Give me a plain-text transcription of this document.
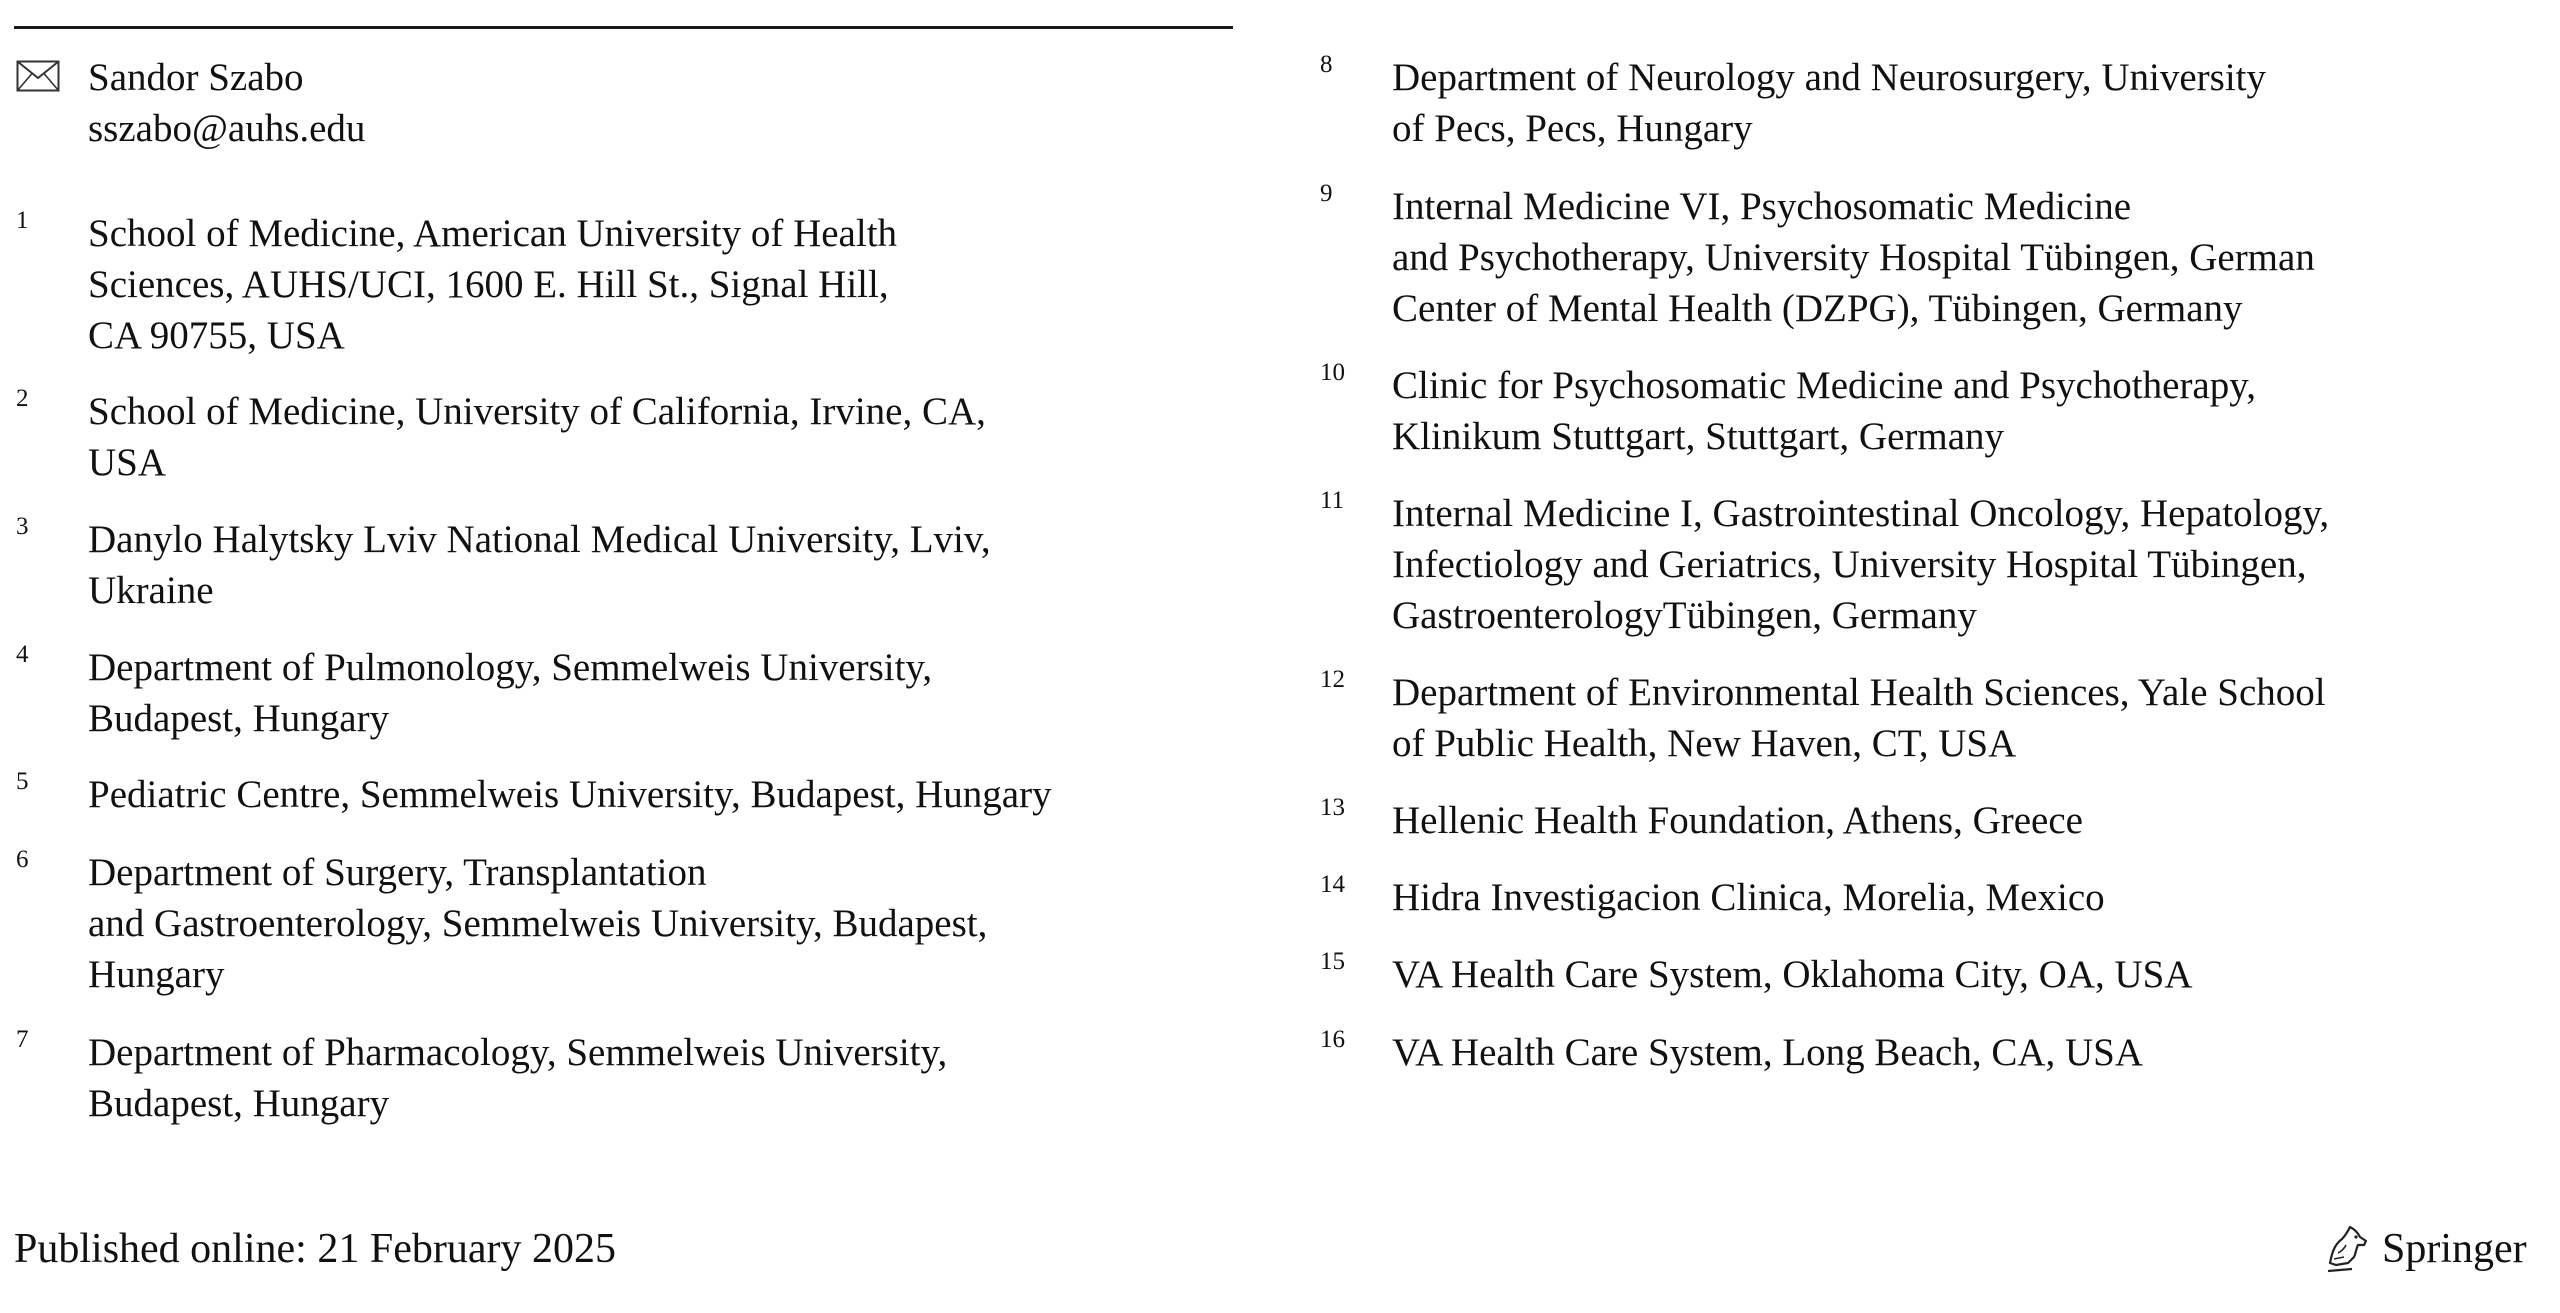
Sandor Szabo
sszabo@auhs.edu
1 School of Medicine, American University of Health
Sciences, AUHS/UCI, 1600 E. Hill St., Signal Hill,
CA 90755, USA
2 School of Medicine, University of California, Irvine, CA,
USA
3 Danylo Halytsky Lviv National Medical University, Lviv,
Ukraine
4 Department of Pulmonology, Semmelweis University,
Budapest, Hungary
5 Pediatric Centre, Semmelweis University, Budapest, Hungary
6 Department of Surgery, Transplantation
and Gastroenterology, Semmelweis University, Budapest,
Hungary
7 Department of Pharmacology, Semmelweis University,
Budapest, Hungary
8 Department of Neurology and Neurosurgery, University
of Pecs, Pecs, Hungary
9 Internal Medicine VI, Psychosomatic Medicine
and Psychotherapy, University Hospital Tübingen, German
Center of Mental Health (DZPG), Tübingen, Germany
10 Clinic for Psychosomatic Medicine and Psychotherapy,
Klinikum Stuttgart, Stuttgart, Germany
11 Internal Medicine I, Gastrointestinal Oncology, Hepatology,
Infectiology and Geriatrics, University Hospital Tübingen,
GastroenterologyTübingen, Germany
12 Department of Environmental Health Sciences, Yale School
of Public Health, New Haven, CT, USA
13 Hellenic Health Foundation, Athens, Greece
14 Hidra Investigacion Clinica, Morelia, Mexico
15 VA Health Care System, Oklahoma City, OA, USA
16 VA Health Care System, Long Beach, CA, USA
Published online: 21 February 2025	Springer
